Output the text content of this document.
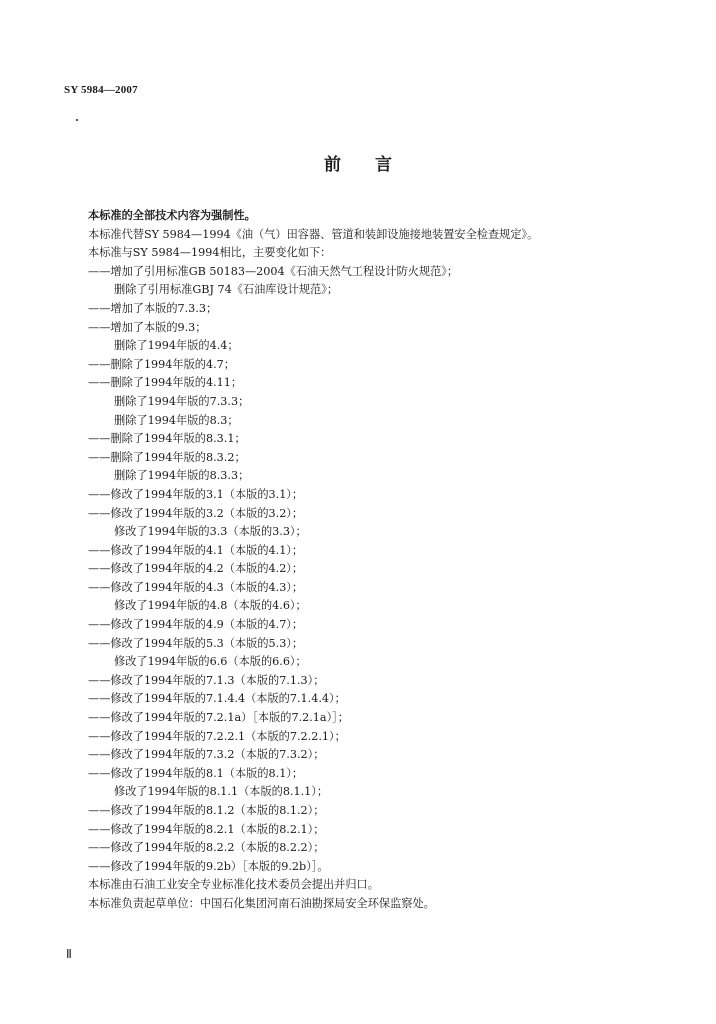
SY 5984—2007
前　　言
本标准的全部技术内容为强制性。
本标准代替SY 5984—1994《油（气）田容器、管道和装卸设施接地装置安全检查规定》。
本标准与SY 5984—1994相比，主要变化如下：
——增加了引用标准GB 50183—2004《石油天然气工程设计防火规范》；
删除了引用标准GBJ 74《石油库设计规范》；
——增加了本版的7.3.3；
——增加了本版的9.3；
删除了1994年版的4.4；
——删除了1994年版的4.7；
——删除了1994年版的4.11；
删除了1994年版的7.3.3；
删除了1994年版的8.3；
——删除了1994年版的8.3.1；
——删除了1994年版的8.3.2；
删除了1994年版的8.3.3；
——修改了1994年版的3.1（本版的3.1）；
——修改了1994年版的3.2（本版的3.2）；
修改了1994年版的3.3（本版的3.3）；
——修改了1994年版的4.1（本版的4.1）；
——修改了1994年版的4.2（本版的4.2）；
——修改了1994年版的4.3（本版的4.3）；
修改了1994年版的4.8（本版的4.6）；
——修改了1994年版的4.9（本版的4.7）；
——修改了1994年版的5.3（本版的5.3）；
修改了1994年版的6.6（本版的6.6）；
——修改了1994年版的7.1.3（本版的7.1.3）；
——修改了1994年版的7.1.4.4（本版的7.1.4.4）；
——修改了1994年版的7.2.1a）［本版的7.2.1a）］；
——修改了1994年版的7.2.2.1（本版的7.2.2.1）；
——修改了1994年版的7.3.2（本版的7.3.2）；
——修改了1994年版的8.1（本版的8.1）；
修改了1994年版的8.1.1（本版的8.1.1）；
——修改了1994年版的8.1.2（本版的8.1.2）；
——修改了1994年版的8.2.1（本版的8.2.1）；
——修改了1994年版的8.2.2（本版的8.2.2）；
——修改了1994年版的9.2b）［本版的9.2b）］。
本标准由石油工业安全专业标准化技术委员会提出并归口。
本标准负责起草单位：中国石化集团河南石油勘探局安全环保监察处。
Ⅱ
